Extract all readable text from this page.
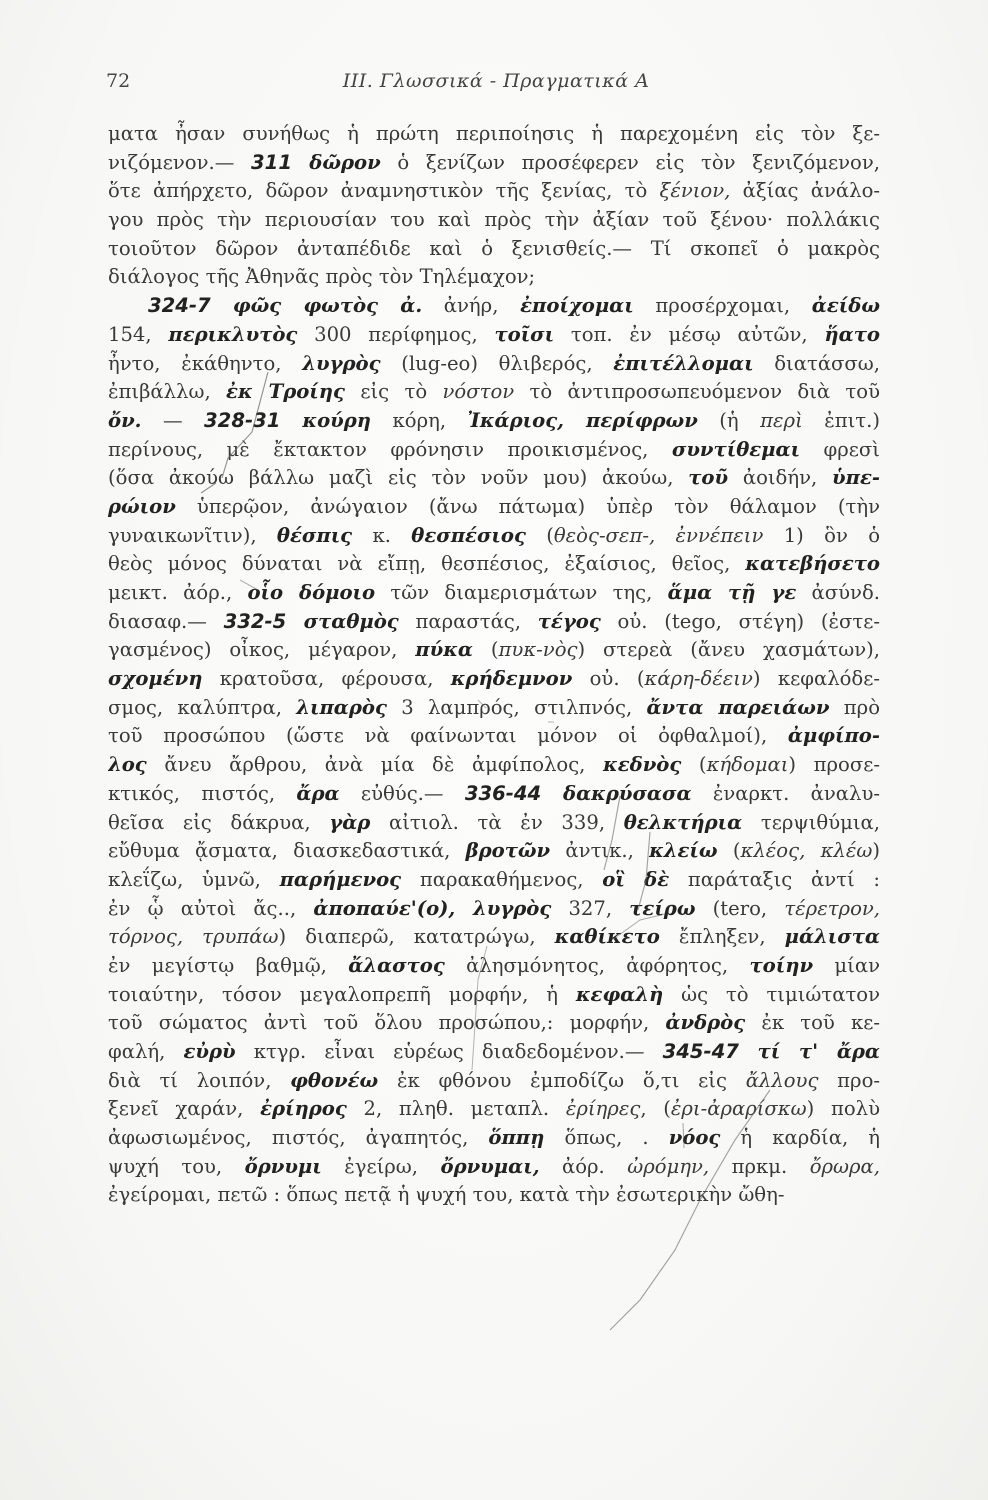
72	ΙΙΙ. Γλωσσικά - Πραγματικά Α
ματα ἦσαν συνήθως ἡ πρώτη περιποίησις ἡ παρεχομένη εἰς τὸν ξε-
νιζόμενον.— 311 δῶρον ὁ ξενίζων προσέφερεν εἰς τὸν ξενιζόμενον,
ὅτε ἀπήρχετο, δῶρον ἀναμνηστικὸν τῆς ξενίας, τὸ ξένιον, ἀξίας ἀνάλο-
γου πρὸς τὴν περιουσίαν του καὶ πρὸς τὴν ἀξίαν τοῦ ξένου· πολλάκις
τοιοῦτον δῶρον ἀνταπέδιδε καὶ ὁ ξενισθείς.— Τί σκοπεῖ ὁ μακρὸς
διάλογος τῆς Ἀθηνᾶς πρὸς τὸν Τηλέμαχον;
324-7 φῶς φωτὸς ἀ. ἀνήρ, ἐποίχομαι προσέρχομαι, ἀείδω
154, περικλυτὸς 300 περίφημος, τοῖσι τοπ. ἐν μέσῳ αὐτῶν, ἥατο
ἦντο, ἐκάθηντο, λυγρὸς (lug-eo) θλιβερός, ἐπιτέλλομαι διατάσσω,
ἐπιβάλλω, ἐκ Τροίης εἰς τὸ νόστον τὸ ἀντιπροσωπευόμενον διὰ τοῦ
ὄν. — 328-31 κούρη κόρη, Ἰκάριος, περίφρων (ἡ περὶ ἐπιτ.)
περίνους, μὲ ἔκτακτον φρόνησιν προικισμένος, συντίθεμαι φρεσὶ
(ὅσα ἀκούω βάλλω μαζὶ εἰς τὸν νοῦν μου) ἀκούω, τοῦ ἀοιδήν, ὑπε-
ρώιον ὑπερῷον, ἀνώγαιον (ἄνω πάτωμα) ὑπὲρ τὸν θάλαμον (τὴν
γυναικωνῖτιν), θέσπις κ. θεσπέσιος (θεὸς-σεπ-, ἐννέπειν 1) ὃν ὁ
θεὸς μόνος δύναται νὰ εἴπῃ, θεσπέσιος, ἐξαίσιος, θεῖος, κατεβήσετο
μεικτ. ἀόρ., οἷο δόμοιο τῶν διαμερισμάτων της, ἅμα τῇ γε ἀσύνδ.
διασαφ.— 332-5 σταθμὸς παραστάς, τέγος οὐ. (tego, στέγη) (ἐστε-
γασμένος) οἶκος, μέγαρον, πύκα (πυκ-νὸς) στερεὰ (ἄνευ χασμάτων),
σχομένη κρατοῦσα, φέρουσα, κρήδεμνον οὐ. (κάρη-δέειν) κεφαλόδε-
σμος, καλύπτρα, λιπαρὸς 3 λαμπρός, στιλπνός, ἄντα παρειάων πρὸ
τοῦ προσώπου (ὥστε νὰ φαίνωνται μόνον οἱ ὀφθαλμοί), ἀμφίπο-
λος ἄνευ ἄρθρου, ἀνὰ μία δὲ ἀμφίπολος, κεδνὸς (κήδομαι) προσε-
κτικός, πιστός, ἄρα εὐθύς.— 336-44 δακρύσασα ἐναρκτ. ἀναλυ-
θεῖσα εἰς δάκρυα, γὰρ αἰτιολ. τὰ ἐν 339, θελκτήρια τερψιθύμια,
εὔθυμα ᾄσματα, διασκεδαστικά, βροτῶν ἀντικ., κλείω (κλέος, κλέω)
κλεΐζω, ὑμνῶ, παρήμενος παρακαθήμενος, οἳ δὲ παράταξις ἀντί :
ἐν ᾧ αὐτοὶ ἄς.., ἀποπαύε'(ο), λυγρὸς 327, τείρω (tero, τέρετρον,
τόρνος, τρυπάω) διαπερῶ, κατατρώγω, καθίκετο ἔπληξεν, μάλιστα
ἐν μεγίστῳ βαθμῷ, ἄλαστος ἀλησμόνητος, ἀφόρητος, τοίην μίαν
τοιαύτην, τόσον μεγαλοπρεπῆ μορφήν, ἡ κεφαλὴ ὡς τὸ τιμιώτατον
τοῦ σώματος ἀντὶ τοῦ ὅλου προσώπου,: μορφήν, ἀνδρὸς ἐκ τοῦ κε-
φαλή, εὐρὺ κτγρ. εἶναι εὑρέως διαδεδομένον.— 345-47 τί τ' ἄρα
διὰ τί λοιπόν, φθονέω ἐκ φθόνου ἐμποδίζω ὅ,τι εἰς ἄλλους προ-
ξενεῖ χαράν, ἐρίηρος 2, πληθ. μεταπλ. ἐρίηρες, (ἐρι-ἀραρίσκω) πολὺ
ἀφωσιωμένος, πιστός, ἀγαπητός, ὅππῃ ὅπως, . νόος ἡ καρδία, ἡ
ψυχή του, ὄρνυμι ἐγείρω, ὄρνυμαι, ἀόρ. ὠρόμην, πρκμ. ὄρωρα,
ἐγείρομαι, πετῶ : ὅπως πετᾷ ἡ ψυχή του, κατὰ τὴν ἐσωτερικὴν ὤθη-
